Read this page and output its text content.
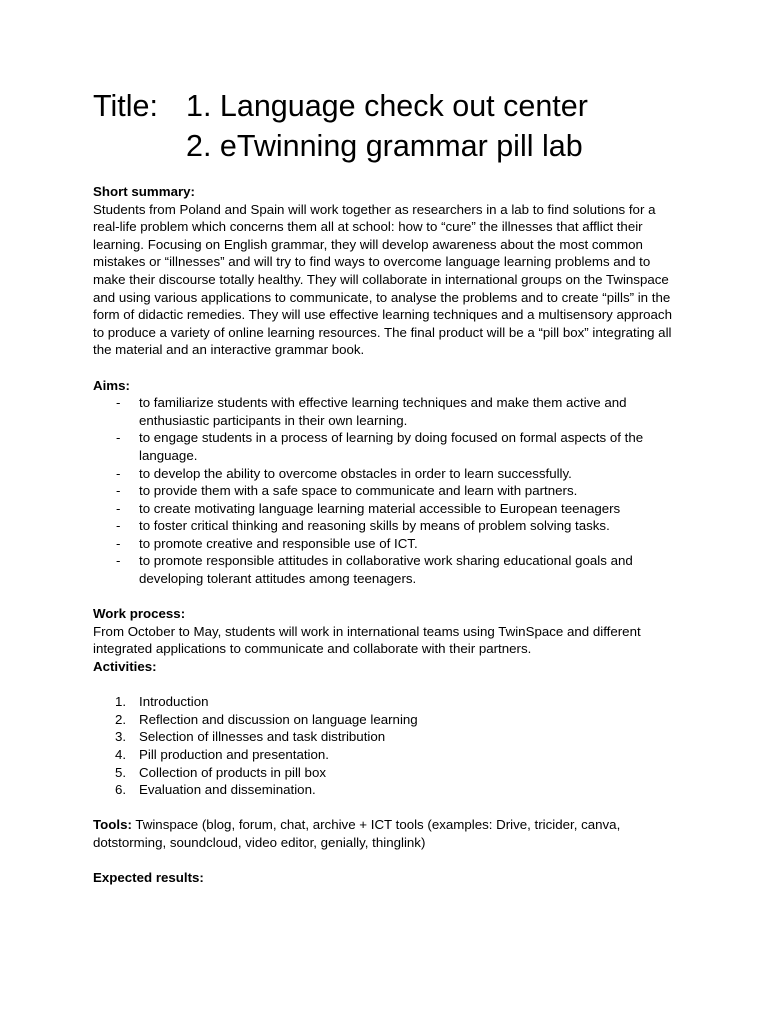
Title: 1. Language check out center
2. eTwinning grammar pill lab

Short summary:

Students from Poland and Spain will work together as researchers in a lab to find solutions for a real-life problem which concerns them all at school: how to “cure” the illnesses that afflict their learning. Focusing on English grammar, they will develop awareness about the most common mistakes or “illnesses” and will try to find ways to overcome language learning problems and to make their discourse totally healthy. They will collaborate in international groups on the Twinspace and using various applications to communicate, to analyse the problems and to create “pills” in the form of didactic remedies. They will use effective learning techniques and a multisensory approach to produce a variety of online learning resources. The final product will be a “pill box” integrating all the material and an interactive grammar book.

Aims:

- to familiarize students with effective learning techniques and make them active and enthusiastic participants in their own learning.
- to engage students in a process of learning by doing focused on formal aspects of the language.
- to develop the ability to overcome obstacles in order to learn successfully.
- to provide them with a safe space to communicate and learn with partners.
- to create motivating language learning material accessible to European teenagers
- to foster critical thinking and reasoning skills by means of problem solving tasks.
- to promote creative and responsible use of ICT.
- to promote responsible attitudes in collaborative work sharing educational goals and developing tolerant attitudes among teenagers.

Work process:

From October to May, students will work in international teams using TwinSpace and different integrated applications to communicate and collaborate with their partners.

Activities:

1. Introduction
2. Reflection and discussion on language learning
3. Selection of illnesses and task distribution
4. Pill production and presentation.
5. Collection of products in pill box
6. Evaluation and dissemination.

Tools: Twinspace (blog, forum, chat, archive + ICT tools (examples: Drive, tricider, canva, dotstorming, soundcloud, video editor, genially, thinglink)

Expected results:
